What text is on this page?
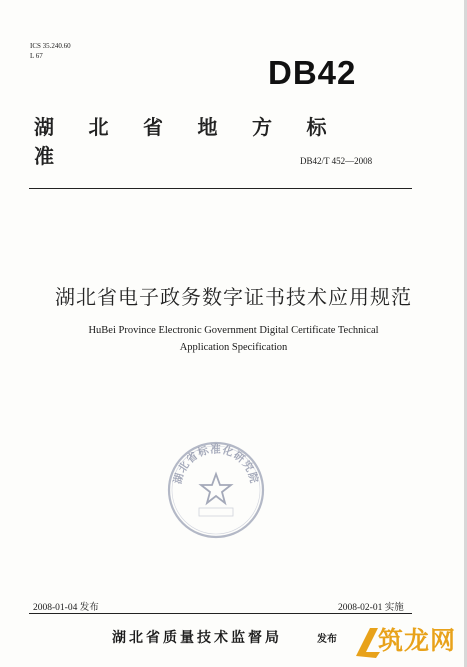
ICS 35.240.60
L 67	DB42
湖 北 省 地 方 标准	DB42/T 452—2008
湖北省电子政务数字证书技术应用规范
HuBei Province Electronic Government Digital Certificate Technical
Application Specification
湖北省标准化研究院
2008-01-04 发布	2008-02-01 实施
湖北省质量技术监督局	发布 筑龙网
